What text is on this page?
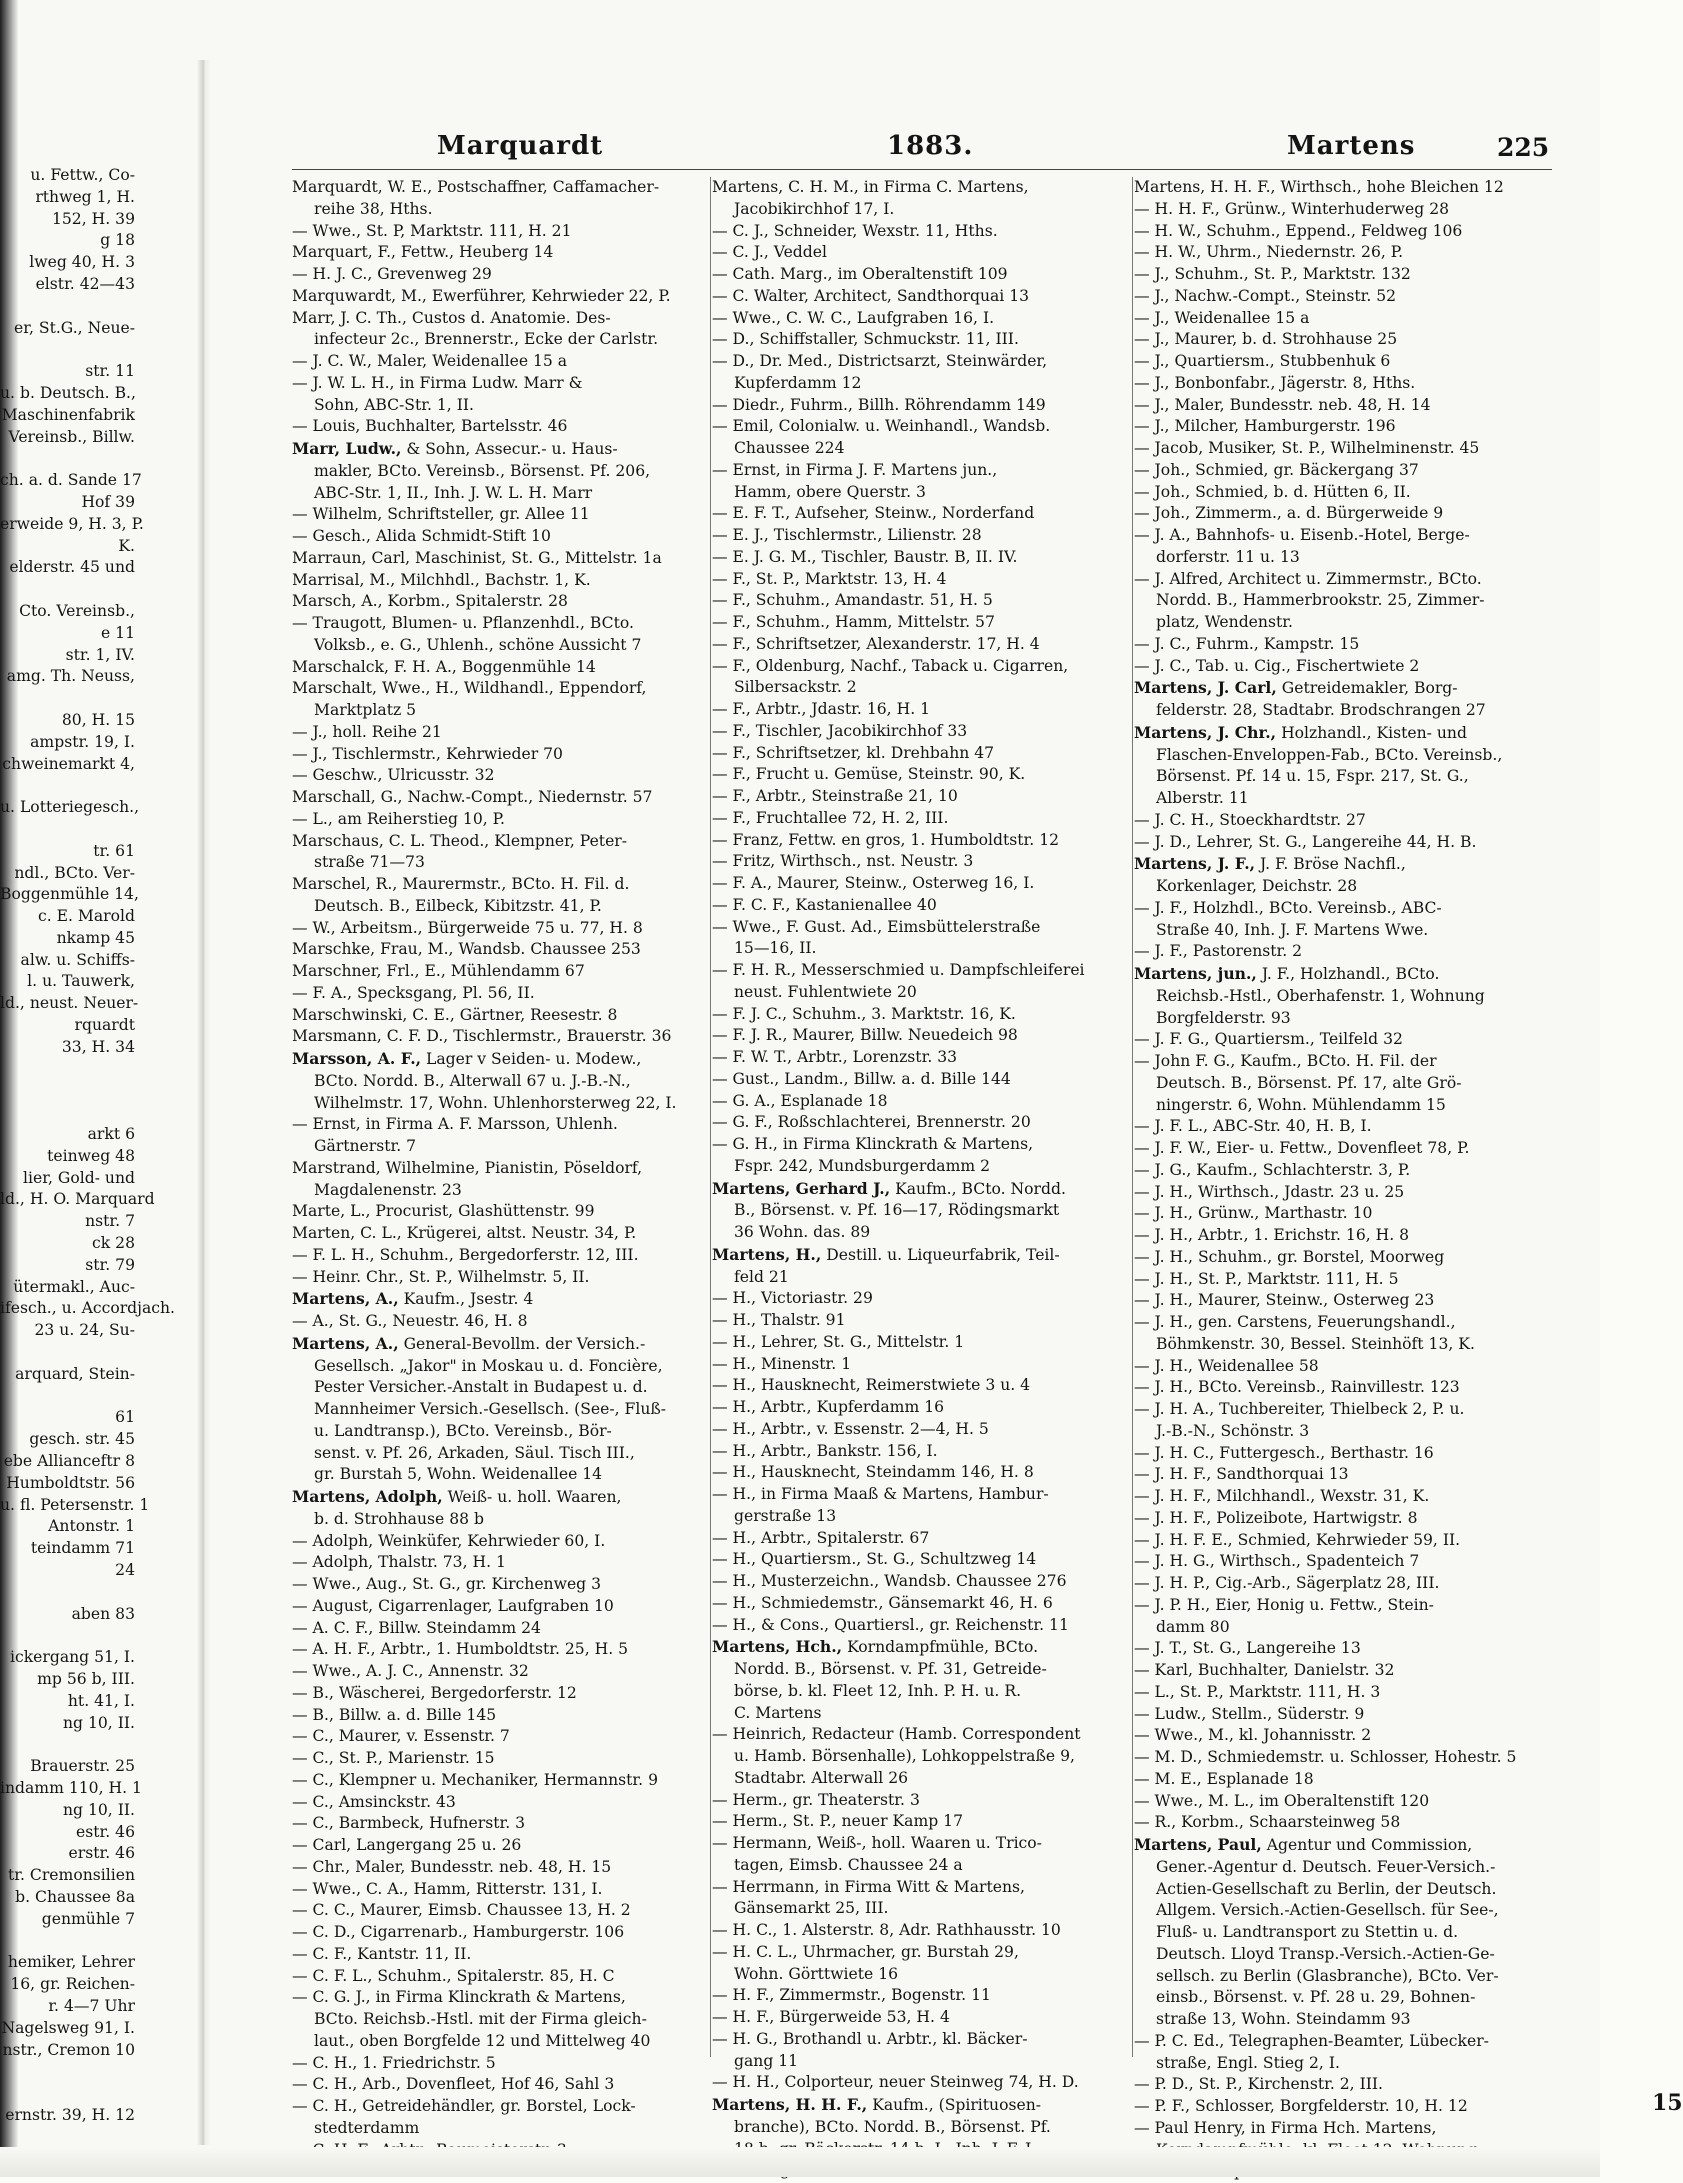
u. Fettw., Co-
rthweg 1, H.
152, H. 39
g 18
lweg 40, H. 3
elstr. 42—43

er, St.G., Neue-

str. 11
u. b. Deutsch. B.,
Maschinenfabrik
Vereinsb., Billw.

ch. a. d. Sande 17
Hof 39
erweide 9, H. 3, P.
K.
elderstr. 45 und

Cto. Vereinsb.,
e 11
str. 1, IV.
amg. Th. Neuss,

80, H. 15
ampstr. 19, I.
chweinemarkt 4,

u. Lotteriegesch.,

tr. 61
ndl., BCto. Ver-
Boggenmühle 14,
c. E. Marold
nkamp 45
alw. u. Schiffs-
l. u. Tauwerk,
ld., neust. Neuer-
rquardt
33, H. 34

arkt 6
teinweg 48
lier, Gold- und
ld., H. O. Marquard
nstr. 7
ck 28
str. 79
ütermakl., Auc-
ifesch., u. Accordjach.
23 u. 24, Su-

arquard, Stein-

61
gesch. str. 45
ebe Allianceftr 8
Humboldtstr. 56
u. fl. Petersenstr. 1
Antonstr. 1
teindamm 71
24

aben 83

ickergang 51, I.
mp 56 b, III.
ht. 41, I.
ng 10, II.

Brauerstr. 25
indamm 110, H. 1
ng 10, II.
estr. 46
erstr. 46
tr. Cremonsilien
b. Chaussee 8a
genmühle 7

hemiker, Lehrer
16, gr. Reichen-
r. 4—7 Uhr
Nagelsweg 91, I.
nstr., Cremon 10

ernstr. 39, H. 12
Marquardt	1883.	Martens	225
Marquardt, W. E., Postschaffner, Caffamacher-
reihe 38, Hths.
— Wwe., St. P, Marktstr. 111, H. 21
Marquart, F., Fettw., Heuberg 14
— H. J. C., Grevenweg 29
Marquwardt, M., Ewerführer, Kehrwieder 22, P.
Marr, J. C. Th., Custos d. Anatomie. Des-
infecteur 2c., Brennerstr., Ecke der Carlstr.
— J. C. W., Maler, Weidenallee 15 a
— J. W. L. H., in Firma Ludw. Marr &
Sohn, ABC-Str. 1, II.
— Louis, Buchhalter, Bartelsstr. 46
Marr, Ludw., & Sohn, Assecur.- u. Haus-
makler, BCto. Vereinsb., Börsenst. Pf. 206,
ABC-Str. 1, II., Inh. J. W. L. H. Marr
— Wilhelm, Schriftsteller, gr. Allee 11
— Gesch., Alida Schmidt-Stift 10
Marraun, Carl, Maschinist, St. G., Mittelstr. 1a
Marrisal, M., Milchhdl., Bachstr. 1, K.
Marsch, A., Korbm., Spitalerstr. 28
— Traugott, Blumen- u. Pflanzenhdl., BCto.
Volksb., e. G., Uhlenh., schöne Aussicht 7
Marschalck, F. H. A., Boggenmühle 14
Marschalt, Wwe., H., Wildhandl., Eppendorf,
Marktplatz 5
— J., holl. Reihe 21
— J., Tischlermstr., Kehrwieder 70
— Geschw., Ulricusstr. 32
Marschall, G., Nachw.-Compt., Niedernstr. 57
— L., am Reiherstieg 10, P.
Marschaus, C. L. Theod., Klempner, Peter-
straße 71—73
Marschel, R., Maurermstr., BCto. H. Fil. d.
Deutsch. B., Eilbeck, Kibitzstr. 41, P.
— W., Arbeitsm., Bürgerweide 75 u. 77, H. 8
Marschke, Frau, M., Wandsb. Chaussee 253
Marschner, Frl., E., Mühlendamm 67
— F. A., Specksgang, Pl. 56, II.
Marschwinski, C. E., Gärtner, Reesestr. 8
Marsmann, C. F. D., Tischlermstr., Brauerstr. 36
Marsson, A. F., Lager v Seiden- u. Modew.,
BCto. Nordd. B., Alterwall 67 u. J.-B.-N.,
Wilhelmstr. 17, Wohn. Uhlenhorsterweg 22, I.
— Ernst, in Firma A. F. Marsson, Uhlenh.
Gärtnerstr. 7
Marstrand, Wilhelmine, Pianistin, Pöseldorf,
Magdalenenstr. 23
Marte, L., Procurist, Glashüttenstr. 99
Marten, C. L., Krügerei, altst. Neustr. 34, P.
— F. L. H., Schuhm., Bergedorferstr. 12, III.
— Heinr. Chr., St. P., Wilhelmstr. 5, II.
Martens, A., Kaufm., Jsestr. 4
— A., St. G., Neuestr. 46, H. 8
Martens, A., General-Bevollm. der Versich.-
Gesellsch. „Jakor" in Moskau u. d. Foncière,
Pester Versicher.-Anstalt in Budapest u. d.
Mannheimer Versich.-Gesellsch. (See-, Fluß-
u. Landtransp.), BCto. Vereinsb., Bör-
senst. v. Pf. 26, Arkaden, Säul. Tisch III.,
gr. Burstah 5, Wohn. Weidenallee 14
Martens, Adolph, Weiß- u. holl. Waaren,
b. d. Strohhause 88 b
— Adolph, Weinküfer, Kehrwieder 60, I.
— Adolph, Thalstr. 73, H. 1
— Wwe., Aug., St. G., gr. Kirchenweg 3
— August, Cigarrenlager, Laufgraben 10
— A. C. F., Billw. Steindamm 24
— A. H. F., Arbtr., 1. Humboldtstr. 25, H. 5
— Wwe., A. J. C., Annenstr. 32
— B., Wäscherei, Bergedorferstr. 12
— B., Billw. a. d. Bille 145
— C., Maurer, v. Essenstr. 7
— C., St. P., Marienstr. 15
— C., Klempner u. Mechaniker, Hermannstr. 9
— C., Amsinckstr. 43
— C., Barmbeck, Hufnerstr. 3
— Carl, Langergang 25 u. 26
— Chr., Maler, Bundesstr. neb. 48, H. 15
— Wwe., C. A., Hamm, Ritterstr. 131, I.
— C. C., Maurer, Eimsb. Chaussee 13, H. 2
— C. D., Cigarrenarb., Hamburgerstr. 106
— C. F., Kantstr. 11, II.
— C. F. L., Schuhm., Spitalerstr. 85, H. C
— C. G. J., in Firma Klinckrath & Martens,
BCto. Reichsb.-Hstl. mit der Firma gleich-
laut., oben Borgfelde 12 und Mittelweg 40
— C. H., 1. Friedrichstr. 5
— C. H., Arb., Dovenfleet, Hof 46, Sahl 3
— C. H., Getreidehändler, gr. Borstel, Lock-
stedterdamm
Martens, C. H. M., in Firma C. Martens,
Jacobikirchhof 17, I.
— C. J., Schneider, Wexstr. 11, Hths.
— C. J., Veddel
— Cath. Marg., im Oberaltenstift 109
— C. Walter, Architect, Sandthorquai 13
— Wwe., C. W. C., Laufgraben 16, I.
— D., Schiffstaller, Schmuckstr. 11, III.
— D., Dr. Med., Districtsarzt, Steinwärder,
Kupferdamm 12
— Diedr., Fuhrm., Billh. Röhrendamm 149
— Emil, Colonialw. u. Weinhandl., Wandsb.
Chaussee 224
— Ernst, in Firma J. F. Martens jun.,
Hamm, obere Querstr. 3
— E. F. T., Aufseher, Steinw., Norderfand
— E. J., Tischlermstr., Lilienstr. 28
— E. J. G. M., Tischler, Baustr. B, II. IV.
— F., St. P., Marktstr. 13, H. 4
— F., Schuhm., Amandastr. 51, H. 5
— F., Schuhm., Hamm, Mittelstr. 57
— F., Schriftsetzer, Alexanderstr. 17, H. 4
— F., Oldenburg, Nachf., Taback u. Cigarren,
Silbersackstr. 2
— F., Arbtr., Jdastr. 16, H. 1
— F., Tischler, Jacobikirchhof 33
— F., Schriftsetzer, kl. Drehbahn 47
— F., Frucht u. Gemüse, Steinstr. 90, K.
— F., Arbtr., Steinstraße 21, 10
— F., Fruchtallee 72, H. 2, III.
— Franz, Fettw. en gros, 1. Humboldtstr. 12
— Fritz, Wirthsch., nst. Neustr. 3
— F. A., Maurer, Steinw., Osterweg 16, I.
— F. C. F., Kastanienallee 40
— Wwe., F. Gust. Ad., Eimsbüttelerstraße
15—16, II.
— F. H. R., Messerschmied u. Dampfschleiferei
neust. Fuhlentwiete 20
— F. J. C., Schuhm., 3. Marktstr. 16, K.
— F. J. R., Maurer, Billw. Neuedeich 98
— F. W. T., Arbtr., Lorenzstr. 33
— Gust., Landm., Billw. a. d. Bille 144
— G. A., Esplanade 18
— G. F., Roßschlachterei, Brennerstr. 20
— G. H., in Firma Klinckrath & Martens,
Fspr. 242, Mundsburgerdamm 2
Martens, Gerhard J., Kaufm., BCto. Nordd.
B., Börsenst. v. Pf. 16—17, Rödingsmarkt
36 Wohn. das. 89
Martens, H., Destill. u. Liqueurfabrik, Teil-
feld 21
— H., Victoriastr. 29
— H., Thalstr. 91
— H., Lehrer, St. G., Mittelstr. 1
— H., Minenstr. 1
— H., Hausknecht, Reimerstwiete 3 u. 4
— H., Arbtr., Kupferdamm 16
— H., Arbtr., v. Essenstr. 2—4, H. 5
— H., Arbtr., Bankstr. 156, I.
— H., Hausknecht, Steindamm 146, H. 8
— H., in Firma Maaß & Martens, Hambur-
gerstraße 13
— H., Arbtr., Spitalerstr. 67
— H., Quartiersm., St. G., Schultzweg 14
— H., Musterzeichn., Wandsb. Chaussee 276
— H., Schmiedemstr., Gänsemarkt 46, H. 6
— H., & Cons., Quartiersl., gr. Reichenstr. 11
Martens, Hch., Korndampfmühle, BCto.
Nordd. B., Börsenst. v. Pf. 31, Getreide-
börse, b. kl. Fleet 12, Inh. P. H. u. R.
C. Martens
— Heinrich, Redacteur (Hamb. Correspondent
u. Hamb. Börsenhalle), Lohkoppelstraße 9,
Stadtabr. Alterwall 26
— Herm., gr. Theaterstr. 3
— Herm., St. P., neuer Kamp 17
— Hermann, Weiß-, holl. Waaren u. Trico-
tagen, Eimsb. Chaussee 24 a
— Herrmann, in Firma Witt & Martens,
Gänsemarkt 25, III.
— H. C., 1. Alsterstr. 8, Adr. Rathhausstr. 10
— H. C. L., Uhrmacher, gr. Burstah 29,
Wohn. Görttwiete 16
— H. F., Zimmermstr., Bogenstr. 11
— H. F., Bürgerweide 53, H. 4
— H. G., Brothandl u. Arbtr., kl. Bäcker-
gang 11
— H. H., Colporteur, neuer Steinweg 74, H. D.
Martens, H. H. F., Kaufm., (Spirituosen-
branche), BCto. Nordd. B., Börsenst. Pf.
Martens, H. H. F., Wirthsch., hohe Bleichen 12
— H. H. F., Grünw., Winterhuderweg 28
— H. W., Schuhm., Eppend., Feldweg 106
— H. W., Uhrm., Niedernstr. 26, P.
— J., Schuhm., St. P., Marktstr. 132
— J., Nachw.-Compt., Steinstr. 52
— J., Weidenallee 15 a
— J., Maurer, b. d. Strohhause 25
— J., Quartiersm., Stubbenhuk 6
— J., Bonbonfabr., Jägerstr. 8, Hths.
— J., Maler, Bundesstr. neb. 48, H. 14
— J., Milcher, Hamburgerstr. 196
— Jacob, Musiker, St. P., Wilhelminenstr. 45
— Joh., Schmied, gr. Bäckergang 37
— Joh., Schmied, b. d. Hütten 6, II.
— Joh., Zimmerm., a. d. Bürgerweide 9
— J. A., Bahnhofs- u. Eisenb.-Hotel, Berge-
dorferstr. 11 u. 13
— J. Alfred, Architect u. Zimmermstr., BCto.
Nordd. B., Hammerbrookstr. 25, Zimmer-
platz, Wendenstr.
— J. C., Fuhrm., Kampstr. 15
— J. C., Tab. u. Cig., Fischertwiete 2
Martens, J. Carl, Getreidemakler, Borg-
felderstr. 28, Stadtabr. Brodschrangen 27
Martens, J. Chr., Holzhandl., Kisten- und
Flaschen-Enveloppen-Fab., BCto. Vereinsb.,
Börsenst. Pf. 14 u. 15, Fspr. 217, St. G.,
Alberstr. 11
— J. C. H., Stoeckhardtstr. 27
— J. D., Lehrer, St. G., Langereihe 44, H. B.
Martens, J. F., J. F. Bröse Nachfl.,
Korkenlager, Deichstr. 28
— J. F., Holzhdl., BCto. Vereinsb., ABC-
Straße 40, Inh. J. F. Martens Wwe.
— J. F., Pastorenstr. 2
Martens, jun., J. F., Holzhandl., BCto.
Reichsb.-Hstl., Oberhafenstr. 1, Wohnung
Borgfelderstr. 93
— J. F. G., Quartiersm., Teilfeld 32
— John F. G., Kaufm., BCto. H. Fil. der
Deutsch. B., Börsenst. Pf. 17, alte Grö-
ningerstr. 6, Wohn. Mühlendamm 15
— J. F. L., ABC-Str. 40, H. B, I.
— J. F. W., Eier- u. Fettw., Dovenfleet 78, P.
— J. G., Kaufm., Schlachterstr. 3, P.
— J. H., Wirthsch., Jdastr. 23 u. 25
— J. H., Grünw., Marthastr. 10
— J. H., Arbtr., 1. Erichstr. 16, H. 8
— J. H., Schuhm., gr. Borstel, Moorweg
— J. H., St. P., Marktstr. 111, H. 5
— J. H., Maurer, Steinw., Osterweg 23
— J. H., gen. Carstens, Feuerungshandl.,
Böhmkenstr. 30, Bessel. Steinhöft 13, K.
— J. H., Weidenallee 58
— J. H., BCto. Vereinsb., Rainvillestr. 123
— J. H. A., Tuchbereiter, Thielbeck 2, P. u.
J.-B.-N., Schönstr. 3
— J. H. C., Futtergesch., Berthastr. 16
— J. H. F., Sandthorquai 13
— J. H. F., Milchhandl., Wexstr. 31, K.
— J. H. F., Polizeibote, Hartwigstr. 8
— J. H. F. E., Schmied, Kehrwieder 59, II.
— J. H. G., Wirthsch., Spadenteich 7
— J. H. P., Cig.-Arb., Sägerplatz 28, III.
— J. P. H., Eier, Honig u. Fettw., Stein-
damm 80
— J. T., St. G., Langereihe 13
— Karl, Buchhalter, Danielstr. 32
— L., St. P., Marktstr. 111, H. 3
— Ludw., Stellm., Süderstr. 9
— Wwe., M., kl. Johannisstr. 2
— M. D., Schmiedemstr. u. Schlosser, Hohestr. 5
— M. E., Esplanade 18
— Wwe., M. L., im Oberaltenstift 120
— R., Korbm., Schaarsteinweg 58
Martens, Paul, Agentur und Commission,
Gener.-Agentur d. Deutsch. Feuer-Versich.-
Actien-Gesellschaft zu Berlin, der Deutsch.
Allgem. Versich.-Actien-Gesellsch. für See-,
Fluß- u. Landtransport zu Stettin u. d.
Deutsch. Lloyd Transp.-Versich.-Actien-Ge-
sellsch. zu Berlin (Glasbranche), BCto. Ver-
einsb., Börsenst. v. Pf. 28 u. 29, Bohnen-
straße 13, Wohn. Steindamm 93
— P. C. Ed., Telegraphen-Beamter, Lübecker-
straße, Engl. Stieg 2, I.
— P. D., St. P., Kirchenstr. 2, III.
— P. F., Schlosser, Borgfelderstr. 10, H. 12
— Paul Henry, in Firma Hch. Martens,
15
